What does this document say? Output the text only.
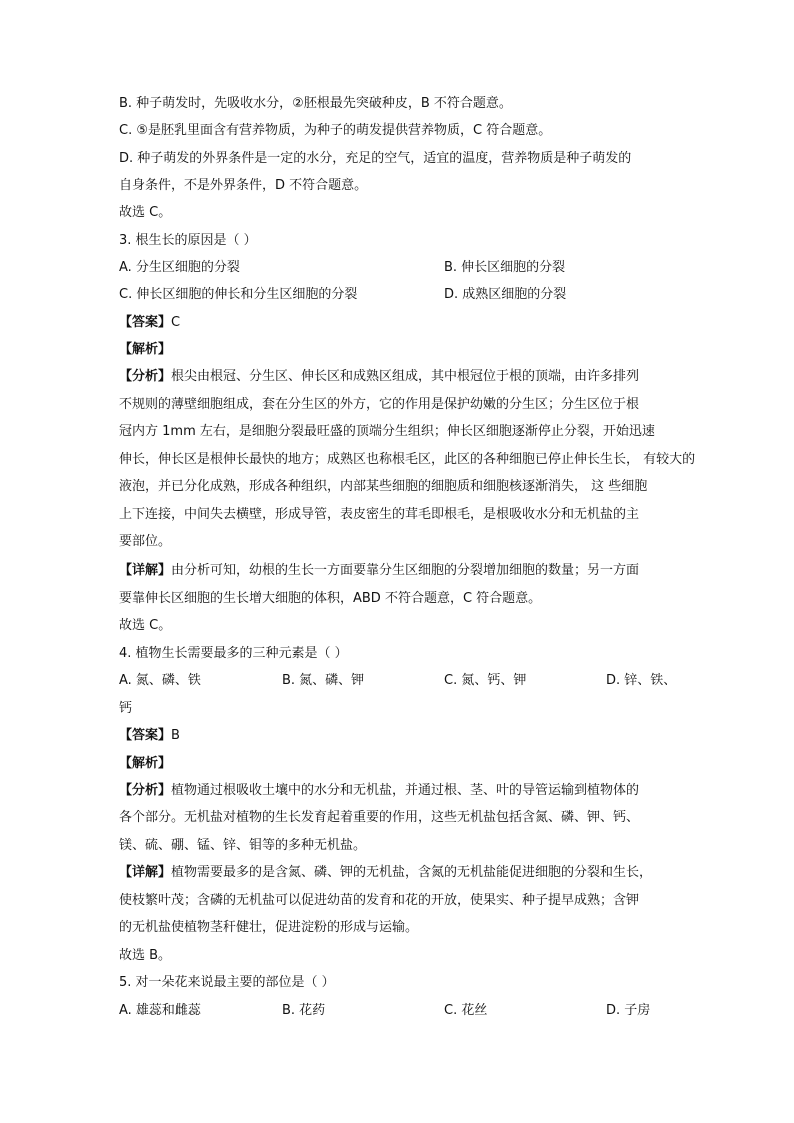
B. 种子萌发时，先吸收水分，②胚根最先突破种皮，B 不符合题意。
C. ⑤是胚乳里面含有营养物质，为种子的萌发提供营养物质，C 符合题意。
D. 种子萌发的外界条件是一定的水分，充足的空气，适宜的温度，营养物质是种子萌发的
自身条件，不是外界条件，D 不符合题意。
故选 C。
3. 根生长的原因是（ ）
A. 分生区细胞的分裂	B. 伸长区细胞的分裂
C. 伸长区细胞的伸长和分生区细胞的分裂	D. 成熟区细胞的分裂
【答案】C
【解析】
【分析】根尖由根冠、分生区、伸长区和成熟区组成，其中根冠位于根的顶端，由许多排列
不规则的薄壁细胞组成，套在分生区的外方，它的作用是保护幼嫩的分生区；分生区位于根
冠内方 1mm 左右，是细胞分裂最旺盛的顶端分生组织；伸长区细胞逐渐停止分裂，开始迅速
伸长，伸长区是根伸长最快的地方；成熟区也称根毛区，此区的各种细胞已停止伸长生长， 有较大的
液泡，并已分化成熟，形成各种组织，内部某些细胞的细胞质和细胞核逐渐消失， 这 些细胞
上下连接，中间失去横壁，形成导管，表皮密生的茸毛即根毛，是根吸收水分和无机盐的主
要部位。
【详解】由分析可知，幼根的生长一方面要靠分生区细胞的分裂增加细胞的数量；另一方面
要靠伸长区细胞的生长增大细胞的体积，ABD 不符合题意，C 符合题意。
故选 C。
4. 植物生长需要最多的三种元素是（ ）
A. 氮、磷、铁	B. 氮、磷、钾	C. 氮、钙、钾	D. 锌、铁、
钙
【答案】B
【解析】
【分析】植物通过根吸收土壤中的水分和无机盐，并通过根、茎、叶的导管运输到植物体的
各个部分。无机盐对植物的生长发育起着重要的作用，这些无机盐包括含氮、磷、钾、钙、
镁、硫、硼、锰、锌、钼等的多种无机盐。
【详解】植物需要最多的是含氮、磷、钾的无机盐，含氮的无机盐能促进细胞的分裂和生长，
使枝繁叶茂；含磷的无机盐可以促进幼苗的发育和花的开放，使果实、种子提早成熟；含钾
的无机盐使植物茎秆健壮，促进淀粉的形成与运输。
故选 B。
5. 对一朵花来说最主要的部位是（ ）
A. 雄蕊和雌蕊	B. 花药	C. 花丝	D. 子房
